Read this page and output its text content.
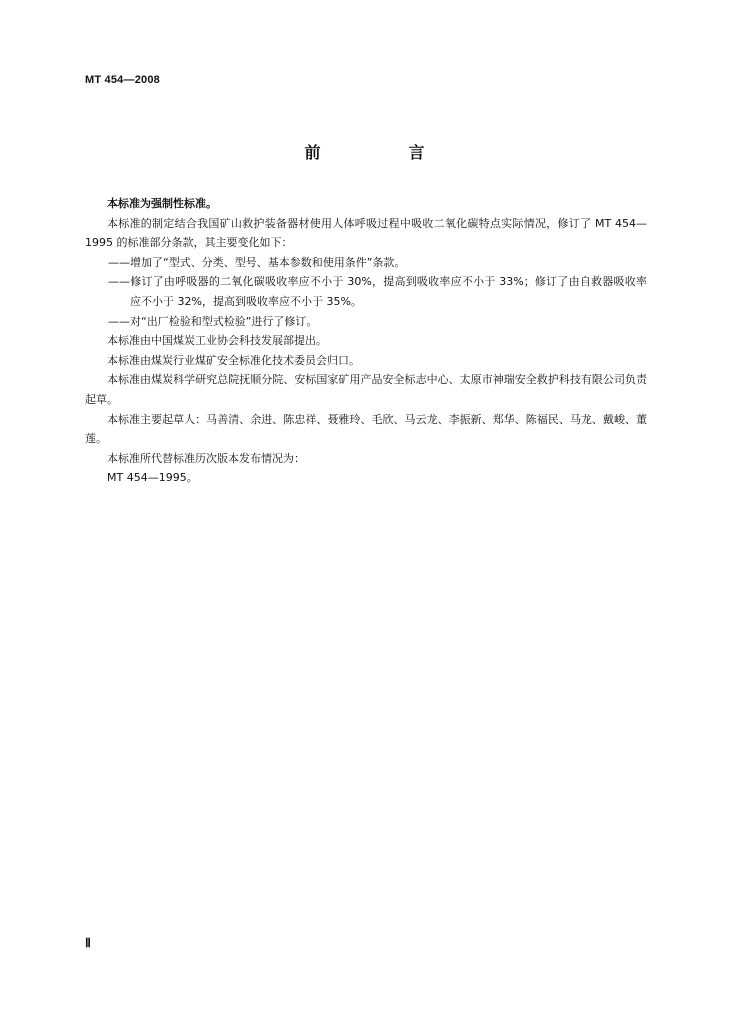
MT 454—2008
前　言

本标准为强制性标准。

本标准的制定结合我国矿山救护装备器材使用人体呼吸过程中吸收二氧化碳特点实际情况，修订了 MT 454—1995 的标准部分条款，其主要变化如下：

——增加了“型式、分类、型号、基本参数和使用条件”条款。

——修订了由呼吸器的二氧化碳吸收率应不小于 30%，提高到吸收率应不小于 33%；修订了由自救器吸收率应不小于 32%，提高到吸收率应不小于 35%。

——对“出厂检验和型式检验”进行了修订。

本标准由中国煤炭工业协会科技发展部提出。

本标准由煤炭行业煤矿安全标准化技术委员会归口。

本标准由煤炭科学研究总院抚顺分院、安标国家矿用产品安全标志中心、太原市神瑞安全救护科技有限公司负责起草。

本标准主要起草人：马善清、余进、陈忠祥、聂雅玲、毛欣、马云龙、李振新、郑华、陈福民、马龙、戴峻、董莲。

本标准所代替标准历次版本发布情况为：

MT 454—1995。

Ⅱ
